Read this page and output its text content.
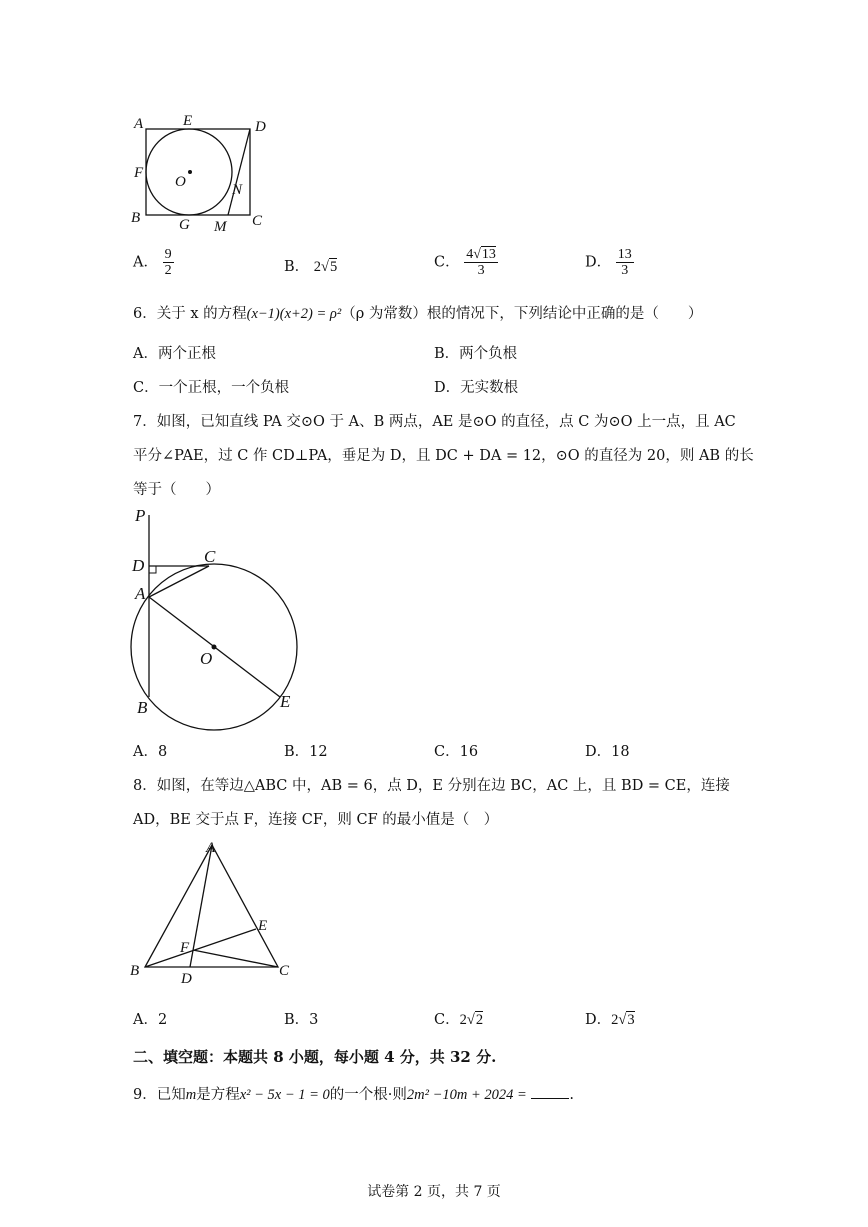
A	E	D
F
O	N
B	G M C
A． $\frac{9}{2}$	B． 2√5	C． $\frac{4√13}{3}$	D． $\frac{13}{3}$
6．关于 x 的方程(x−1)(x+2) = ρ²（ρ 为常数）根的情况下，下列结论中正确的是（　　）
A．两个正根	B．两个负根
C．一个正根，一个负根	D．无实数根
7．如图，已知直线 PA 交⊙O 于 A、B 两点，AE 是⊙O 的直径，点 C 为⊙O 上一点，且 AC
平分∠PAE，过 C 作 CD⊥PA，垂足为 D，且 DC + DA = 12，⊙O 的直径为 20，则 AB 的长
等于（　　）
P
D	C
A
O
B	E
A．8	B．12	C．16	D．18
8．如图，在等边△ABC 中，AB = 6，点 D，E 分别在边 BC，AC 上，且 BD = CE，连接
AD，BE 交于点 F，连接 CF，则 CF 的最小值是（　）
A
E
F
B	D	C
A．2	B．3	C．2√2	D．2√3
二、填空题：本题共 8 小题，每小题 4 分，共 32 分.
9．已知m是方程x² − 5x − 1 = 0的一个根·则2m² −10m + 2024 =	.
试卷第 2 页，共 7 页
